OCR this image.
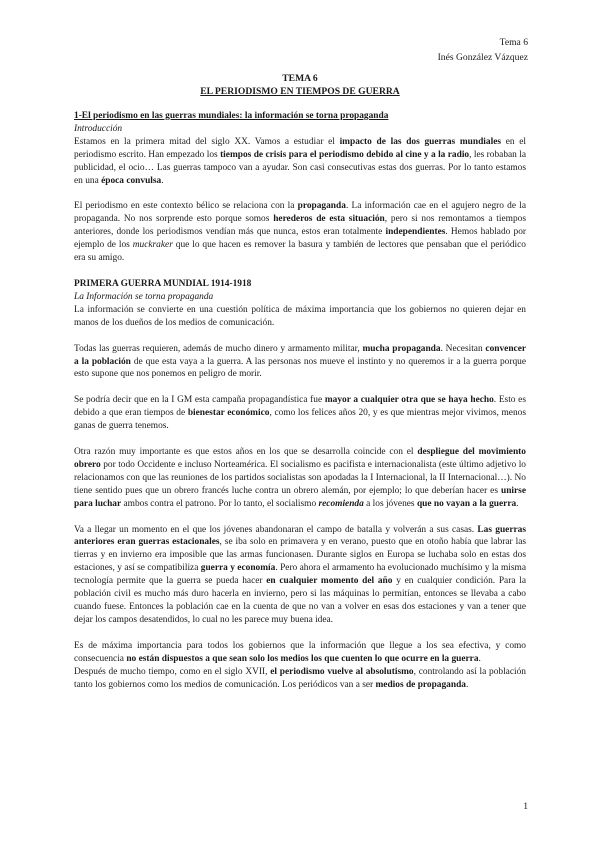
Tema 6
Inés González Vázquez
TEMA 6
EL PERIODISMO EN TIEMPOS DE GUERRA
1-El periodismo en las guerras mundiales: la información se torna propaganda
Introducción

Estamos en la primera mitad del siglo XX. Vamos a estudiar el impacto de las dos guerras mundiales en el periodismo escrito. Han empezado los tiempos de crisis para el periodismo debido al cine y a la radio, les robaban la publicidad, el ocio… Las guerras tampoco van a ayudar. Son casi consecutivas estas dos guerras. Por lo tanto estamos en una época convulsa.

El periodismo en este contexto bélico se relaciona con la propaganda. La información cae en el agujero negro de la propaganda. No nos sorprende esto porque somos herederos de esta situación, pero si nos remontamos a tiempos anteriores, donde los periodismos vendían más que nunca, estos eran totalmente independientes. Hemos hablado por ejemplo de los muckraker que lo que hacen es remover la basura y también de lectores que pensaban que el periódico era su amigo.

PRIMERA GUERRA MUNDIAL 1914-1918
La Información se torna propaganda

La información se convierte en una cuestión política de máxima importancia que los gobiernos no quieren dejar en manos de los dueños de los medios de comunicación.

Todas las guerras requieren, además de mucho dinero y armamento militar, mucha propaganda. Necesitan convencer a la población de que esta vaya a la guerra. A las personas nos mueve el instinto y no queremos ir a la guerra porque esto supone que nos ponemos en peligro de morir.

Se podría decir que en la I GM esta campaña propagandística fue mayor a cualquier otra que se haya hecho. Esto es debido a que eran tiempos de bienestar económico, como los felices años 20, y es que mientras mejor vivimos, menos ganas de guerra tenemos.

Otra razón muy importante es que estos años en los que se desarrolla coincide con el despliegue del movimiento obrero por todo Occidente e incluso Norteamérica. El socialismo es pacifista e internacionalista (este último adjetivo lo relacionamos con que las reuniones de los partidos socialistas son apodadas la I Internacional, la II Internacional…). No tiene sentido pues que un obrero francés luche contra un obrero alemán, por ejemplo; lo que deberían hacer es unirse para luchar ambos contra el patrono. Por lo tanto, el socialismo recomienda a los jóvenes que no vayan a la guerra.

Va a llegar un momento en el que los jóvenes abandonaran el campo de batalla y volverán a sus casas. Las guerras anteriores eran guerras estacionales, se iba solo en primavera y en verano, puesto que en otoño había que labrar las tierras y en invierno era imposible que las armas funcionasen. Durante siglos en Europa se luchaba solo en estas dos estaciones, y así se compatibiliza guerra y economía. Pero ahora el armamento ha evolucionado muchísimo y la misma tecnología permite que la guerra se pueda hacer en cualquier momento del año y en cualquier condición. Para la población civil es mucho más duro hacerla en invierno, pero si las máquinas lo permitían, entonces se llevaba a cabo cuando fuese. Entonces la población cae en la cuenta de que no van a volver en esas dos estaciones y van a tener que dejar los campos desatendidos, lo cual no les parece muy buena idea.

Es de máxima importancia para todos los gobiernos que la información que llegue a los sea efectiva, y como consecuencia no están dispuestos a que sean solo los medios los que cuenten lo que ocurre en la guerra.

Después de mucho tiempo, como en el siglo XVII, el periodismo vuelve al absolutismo, controlando así la población tanto los gobiernos como los medios de comunicación. Los periódicos van a ser medios de propaganda.

1
